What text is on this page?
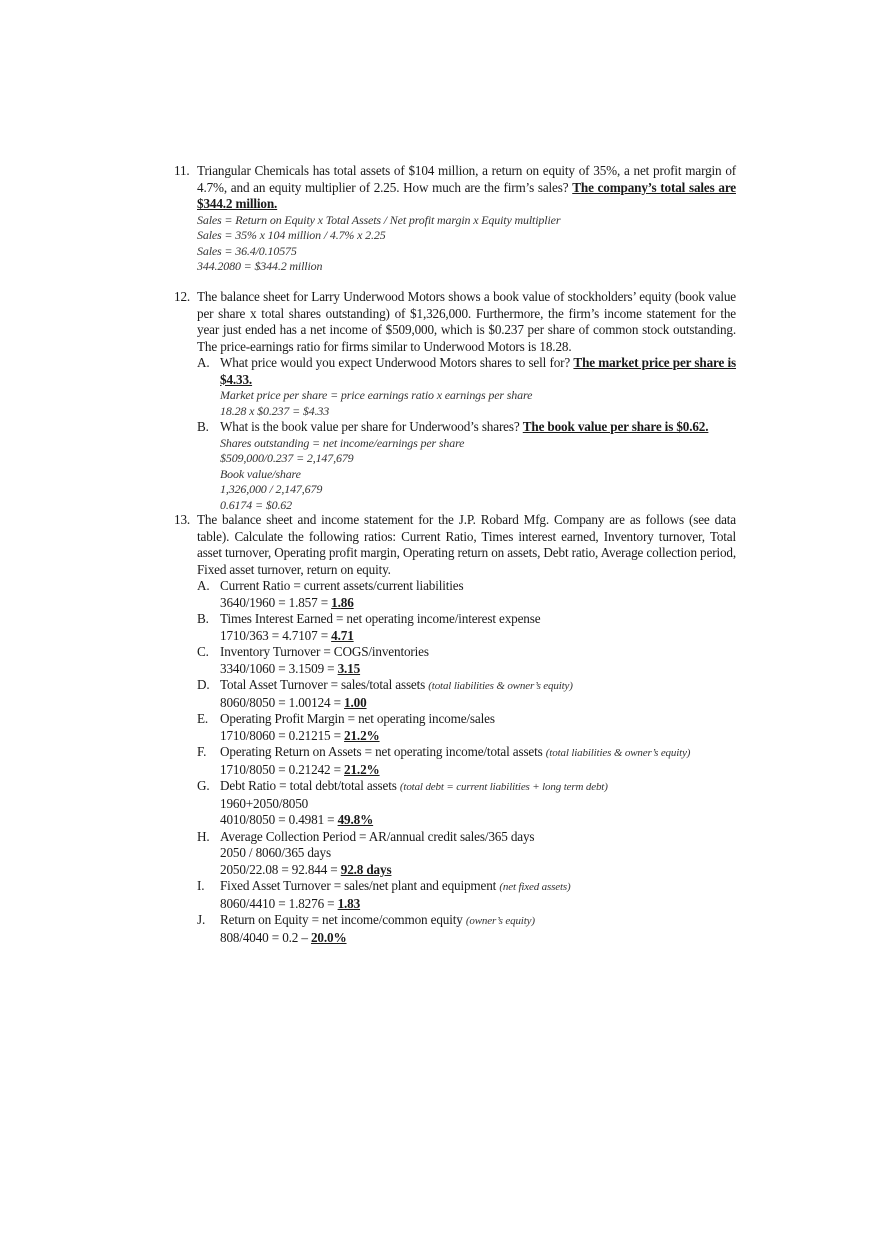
11. Triangular Chemicals has total assets of $104 million, a return on equity of 35%, a net profit margin of 4.7%, and an equity multiplier of 2.25. How much are the firm’s sales? The company’s total sales are $344.2 million.
Sales = Return on Equity x Total Assets / Net profit margin x Equity multiplier
Sales = 35% x 104 million / 4.7% x 2.25
Sales = 36.4/0.10575
344.2080 = $344.2 million
12. The balance sheet for Larry Underwood Motors shows a book value of stockholders’ equity (book value per share x total shares outstanding) of $1,326,000. Furthermore, the firm’s income statement for the year just ended has a net income of $509,000, which is $0.237 per share of common stock outstanding. The price-earnings ratio for firms similar to Underwood Motors is 18.28.
A. What price would you expect Underwood Motors shares to sell for? The market price per share is $4.33.
Market price per share = price earnings ratio x earnings per share
18.28 x $0.237 = $4.33
B. What is the book value per share for Underwood’s shares? The book value per share is $0.62.
Shares outstanding = net income/earnings per share
$509,000/0.237 = 2,147,679
Book value/share
1,326,000 / 2,147,679
0.6174 = $0.62
13. The balance sheet and income statement for the J.P. Robard Mfg. Company are as follows (see data table). Calculate the following ratios: Current Ratio, Times interest earned, Inventory turnover, Total asset turnover, Operating profit margin, Operating return on assets, Debt ratio, Average collection period, Fixed asset turnover, return on equity.
A. Current Ratio = current assets/current liabilities
3640/1960 = 1.857 = 1.86
B. Times Interest Earned = net operating income/interest expense
1710/363 = 4.7107 = 4.71
C. Inventory Turnover = COGS/inventories
3340/1060 = 3.1509 = 3.15
D. Total Asset Turnover = sales/total assets (total liabilities & owner’s equity)
8060/8050 = 1.00124 = 1.00
E. Operating Profit Margin = net operating income/sales
1710/8060 = 0.21215 = 21.2%
F. Operating Return on Assets = net operating income/total assets (total liabilities & owner’s equity)
1710/8050 = 0.21242 = 21.2%
G. Debt Ratio = total debt/total assets (total debt = current liabilities + long term debt)
1960+2050/8050
4010/8050 = 0.4981 = 49.8%
H. Average Collection Period = AR/annual credit sales/365 days
2050 / 8060/365 days
2050/22.08 = 92.844 = 92.8 days
I. Fixed Asset Turnover = sales/net plant and equipment (net fixed assets)
8060/4410 = 1.8276 = 1.83
J. Return on Equity = net income/common equity (owner’s equity)
808/4040 = 0.2 – 20.0%
